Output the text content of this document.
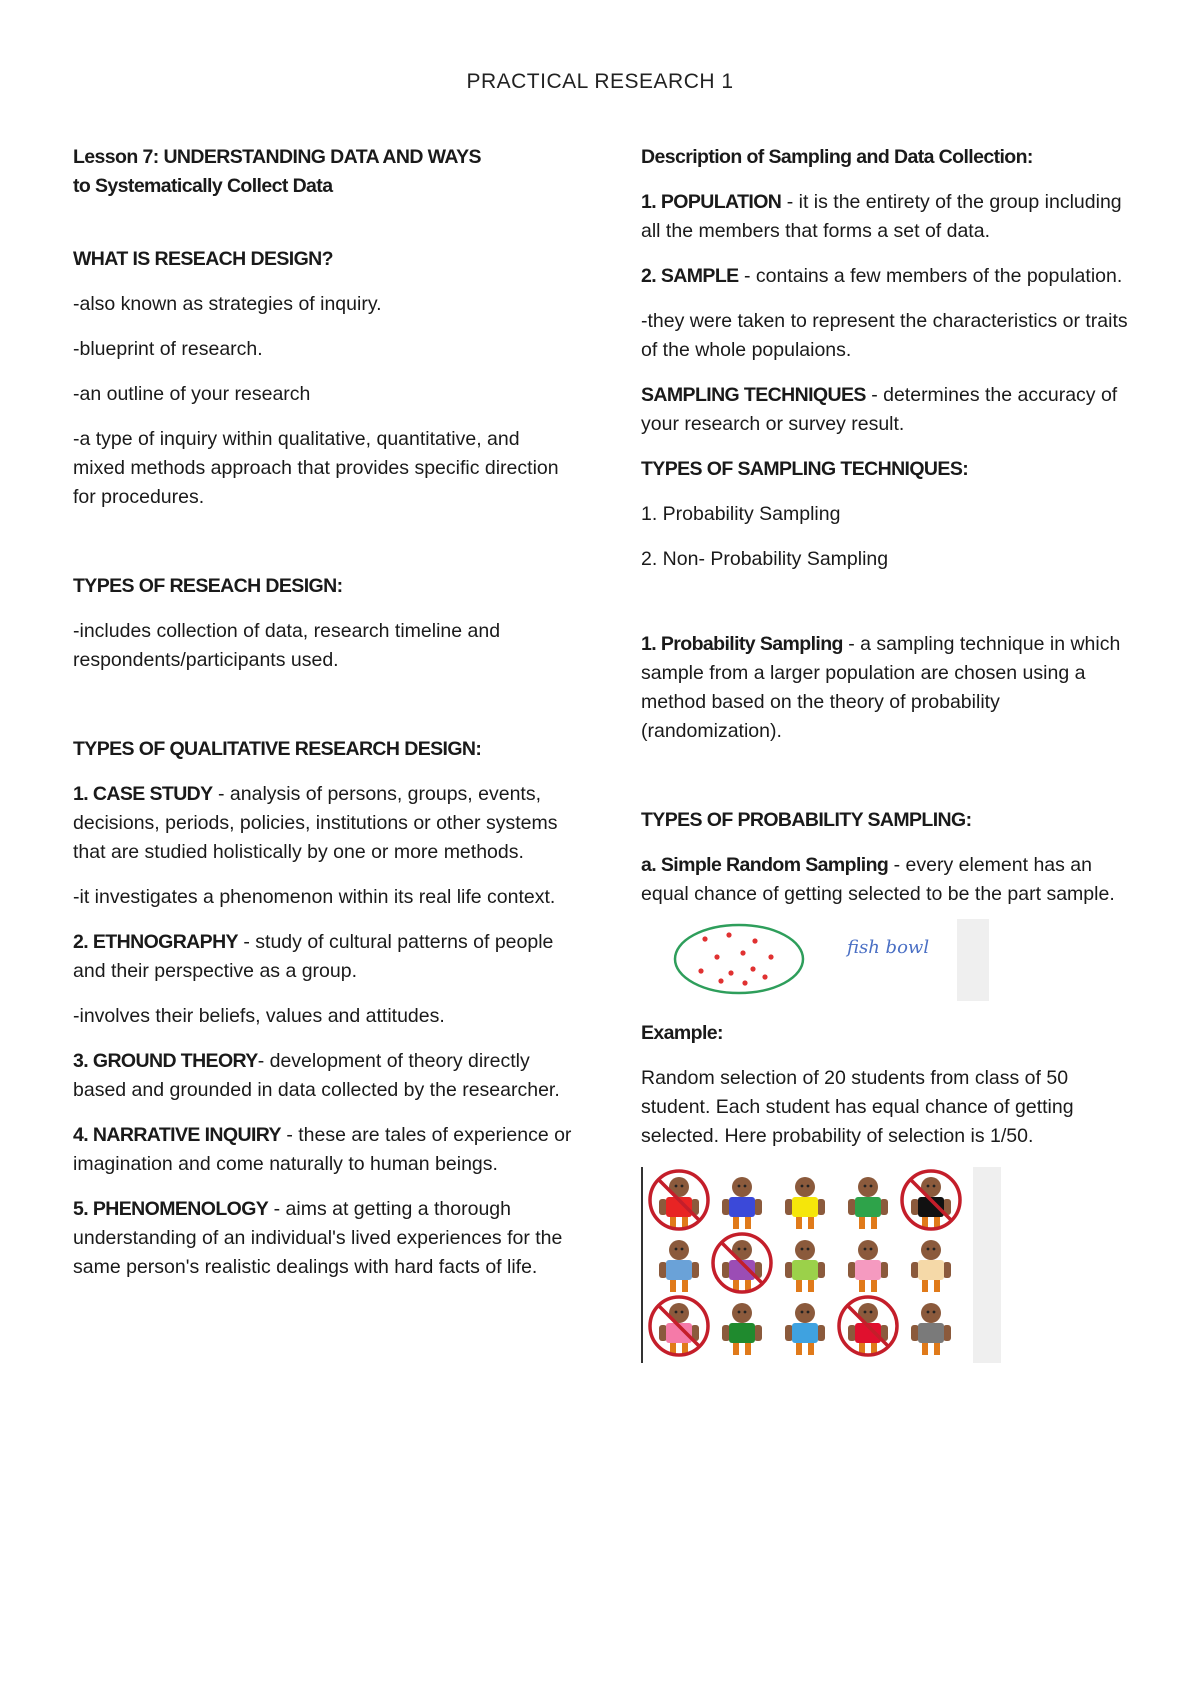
PRACTICAL RESEARCH 1

Lesson 7: UNDERSTANDING DATA AND WAYS
to Systematically Collect Data

WHAT IS RESEACH DESIGN?

-also known as strategies of inquiry.

-blueprint of research.

-an outline of your research

-a type of inquiry within qualitative, quantitative, and mixed methods approach that provides specific direction for procedures.

TYPES OF RESEACH DESIGN:

-includes collection of data, research timeline and respondents/participants used.

TYPES OF QUALITATIVE RESEARCH DESIGN:

1. CASE STUDY - analysis of persons, groups, events, decisions, periods, policies, institutions or other systems that are studied holistically by one or more methods.

-it investigates a phenomenon within its real life context.

2. ETHNOGRAPHY - study of cultural patterns of people and their perspective as a group.

-involves their beliefs, values and attitudes.

3. GROUND THEORY- development of theory directly based and grounded in data collected by the researcher.

4. NARRATIVE INQUIRY - these are tales of experience or imagination and come naturally to human beings.

5. PHENOMENOLOGY - aims at getting a thorough understanding of an individual's lived experiences for the same person's realistic dealings with hard facts of life.

Description of Sampling and Data Collection:

1. POPULATION - it is the entirety of the group including all the members that forms a set of data.

2. SAMPLE - contains a few members of the population.

-they were taken to represent the characteristics or traits of the whole populaions.

SAMPLING TECHNIQUES - determines the accuracy of your research or survey result.

TYPES OF SAMPLING TECHNIQUES:

1. Probability Sampling

2. Non- Probability Sampling

1. Probability Sampling - a sampling technique in which sample from a larger population are chosen using a method based on the theory of probability (randomization).

TYPES OF PROBABILITY SAMPLING:

a. Simple Random Sampling - every element has an equal chance of getting selected to be the part sample.

fish bowl

Example:

Random selection of 20 students from class of 50 student. Each student has equal chance of getting selected. Here probability of selection is 1/50.
